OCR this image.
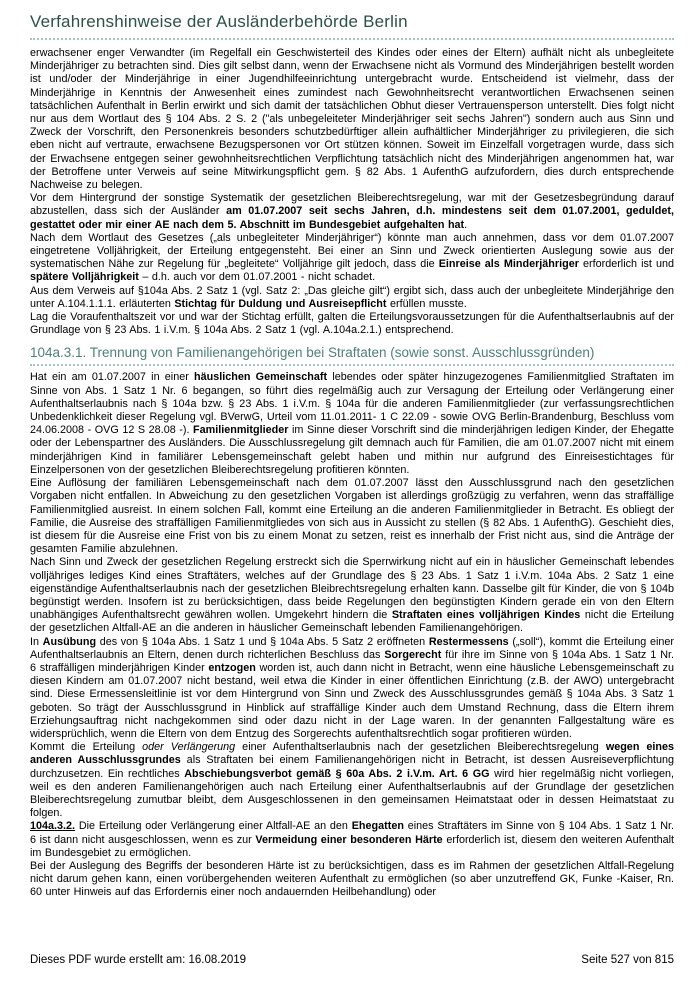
Verfahrenshinweise der Ausländerbehörde Berlin

erwachsener enger Verwandter (im Regelfall ein Geschwisterteil des Kindes oder eines der Eltern) aufhält nicht als unbegleitete Minderjähriger zu betrachten sind. Dies gilt selbst dann, wenn der Erwachsene nicht als Vormund des Minderjährigen bestellt worden ist und/oder der Minderjährige in einer Jugendhilfeeinrichtung untergebracht wurde. Entscheidend ist vielmehr, dass der Minderjährige in Kenntnis der Anwesenheit eines zumindest nach Gewohnheitsrecht verantwortlichen Erwachsenen seinen tatsächlichen Aufenthalt in Berlin erwirkt und sich damit der tatsächlichen Obhut dieser Vertrauensperson unterstellt. Dies folgt nicht nur aus dem Wortlaut des § 104 Abs. 2 S. 2 ("als unbegeleiteter Minderjähriger seit sechs Jahren") sondern auch aus Sinn und Zweck der Vorschrift, den Personenkreis besonders schutzbedürftiger allein aufhältlicher Minderjähriger zu privilegieren, die sich eben nicht auf vertraute, erwachsene Bezugspersonen vor Ort stützen können. Soweit im Einzelfall vorgetragen wurde, dass sich der Erwachsene entgegen seiner gewohnheitsrechtlichen Verpflichtung tatsächlich nicht des Minderjährigen angenommen hat, war der Betroffene unter Verweis auf seine Mitwirkungspflicht gem. § 82 Abs. 1 AufenthG aufzufordern, dies durch entsprechende Nachweise zu belegen.

Vor dem Hintergrund der sonstige Systematik der gesetzlichen Bleiberechtsregelung, war mit der Gesetzesbegründung darauf abzustellen, dass sich der Ausländer am 01.07.2007 seit sechs Jahren, d.h. mindestens seit dem 01.07.2001, geduldet, gestattet oder mir einer AE nach dem 5. Abschnitt im Bundesgebiet aufgehalten hat.

Nach dem Wortlaut des Gesetzes („als unbegleiteter Minderjähriger“) könnte man auch annehmen, dass vor dem 01.07.2007 eingetretene Volljährigkeit, der Erteilung entgegensteht. Bei einer an Sinn und Zweck orientierten Auslegung sowie aus der systematischen Nähe zur Regelung für „begleitete“ Volljährige gilt jedoch, dass die Einreise als Minderjähriger erforderlich ist und spätere Volljährigkeit – d.h. auch vor dem 01.07.2001 - nicht schadet.

Aus dem Verweis auf §104a Abs. 2 Satz 1 (vgl. Satz 2: „Das gleiche gilt“) ergibt sich, dass auch der unbegleitete Minderjährige den unter A.104.1.1.1. erläuterten Stichtag für Duldung und Ausreisepflicht erfüllen musste.

Lag die Voraufenthaltszeit vor und war der Stichtag erfüllt, galten die Erteilungsvoraussetzungen für die Aufenthaltserlaubnis auf der Grundlage von § 23 Abs. 1 i.V.m. § 104a Abs. 2 Satz 1 (vgl. A.104a.2.1.) entsprechend.

104a.3.1. Trennung von Familienangehörigen bei Straftaten (sowie sonst. Ausschlussgründen)

Hat ein am 01.07.2007 in einer häuslichen Gemeinschaft lebendes oder später hinzugezogenes Familienmitglied Straftaten im Sinne von Abs. 1 Satz 1 Nr. 6 begangen, so führt dies regelmäßig auch zur Versagung der Erteilung oder Verlängerung einer Aufenthaltserlaubnis nach § 104a bzw. § 23 Abs. 1 i.V.m. § 104a für die anderen Familienmitglieder (zur verfassungsrechtlichen Unbedenklichkeit dieser Regelung vgl. BVerwG, Urteil vom 11.01.2011- 1 C 22.09 - sowie OVG Berlin-Brandenburg, Beschluss vom 24.06.2008 - OVG 12 S 28.08 -). Familienmitglieder im Sinne dieser Vorschrift sind die minderjährigen ledigen Kinder, der Ehegatte oder der Lebenspartner des Ausländers. Die Ausschlussregelung gilt demnach auch für Familien, die am 01.07.2007 nicht mit einem minderjährigen Kind in familiärer Lebensgemeinschaft gelebt haben und mithin nur aufgrund des Einreisestichtages für Einzelpersonen von der gesetzlichen Bleiberechtsregelung profitieren könnten.

Eine Auflösung der familiären Lebensgemeinschaft nach dem 01.07.2007 lässt den Ausschlussgrund nach den gesetzlichen Vorgaben nicht entfallen. In Abweichung zu den gesetzlichen Vorgaben ist allerdings großzügig zu verfahren, wenn das straffällige Familienmitglied ausreist. In einem solchen Fall, kommt eine Erteilung an die anderen Familienmitglieder in Betracht. Es obliegt der Familie, die Ausreise des straffälligen Familienmitgliedes von sich aus in Aussicht zu stellen (§ 82 Abs. 1 AufenthG). Geschieht dies, ist diesem für die Ausreise eine Frist von bis zu einem Monat zu setzen, reist es innerhalb der Frist nicht aus, sind die Anträge der gesamten Familie abzulehnen.

Nach Sinn und Zweck der gesetzlichen Regelung erstreckt sich die Sperrwirkung nicht auf ein in häuslicher Gemeinschaft lebendes volljähriges lediges Kind eines Straftäters, welches auf der Grundlage des § 23 Abs. 1 Satz 1 i.V.m. 104a Abs. 2 Satz 1 eine eigenständige Aufenthaltserlaubnis nach der gesetzlichen Bleibrechtsregelung erhalten kann. Dasselbe gilt für Kinder, die von § 104b begünstigt werden. Insofern ist zu berücksichtigen, dass beide Regelungen den begünstigten Kindern gerade ein von den Eltern unabhängiges Aufenthaltsrecht gewähren wollen. Umgekehrt hindern die Straftaten eines volljährigen Kindes nicht die Erteilung der gesetzlichen Altfall-AE an die anderen in häuslicher Gemeinschaft lebenden Familienangehörigen.

In Ausübung des von § 104a Abs. 1 Satz 1 und § 104a Abs. 5 Satz 2 eröffneten Restermessens („soll“), kommt die Erteilung einer Aufenthaltserlaubnis an Eltern, denen durch richterlichen Beschluss das Sorgerecht für ihre im Sinne von § 104a Abs. 1 Satz 1 Nr. 6 straffälligen minderjährigen Kinder entzogen worden ist, auch dann nicht in Betracht, wenn eine häusliche Lebensgemeinschaft zu diesen Kindern am 01.07.2007 nicht bestand, weil etwa die Kinder in einer öffentlichen Einrichtung (z.B. der AWO) untergebracht sind. Diese Ermessensleitlinie ist vor dem Hintergrund von Sinn und Zweck des Ausschlussgrundes gemäß § 104a Abs. 3 Satz 1 geboten. So trägt der Ausschlussgrund in Hinblick auf straffällige Kinder auch dem Umstand Rechnung, dass die Eltern ihrem Erziehungsauftrag nicht nachgekommen sind oder dazu nicht in der Lage waren. In der genannten Fallgestaltung wäre es widersprüchlich, wenn die Eltern von dem Entzug des Sorgerechts aufenthaltsrechtlich sogar profitieren würden.

Kommt die Erteilung oder Verlängerung einer Aufenthaltserlaubnis nach der gesetzlichen Bleiberechtsregelung wegen eines anderen Ausschlussgrundes als Straftaten bei einem Familienangehörigen nicht in Betracht, ist dessen Ausreiseverpflichtung durchzusetzen. Ein rechtliches Abschiebungsverbot gemäß § 60a Abs. 2 i.V.m. Art. 6 GG wird hier regelmäßig nicht vorliegen, weil es den anderen Familienangehörigen auch nach Erteilung einer Aufenthaltserlaubnis auf der Grundlage der gesetzlichen Bleiberechtsregelung zumutbar bleibt, dem Ausgeschlossenen in den gemeinsamen Heimatstaat oder in dessen Heimatstaat zu folgen.

104a.3.2. Die Erteilung oder Verlängerung einer Altfall-AE an den Ehegatten eines Straftäters im Sinne von § 104 Abs. 1 Satz 1 Nr. 6 ist dann nicht ausgeschlossen, wenn es zur Vermeidung einer besonderen Härte erforderlich ist, diesem den weiteren Aufenthalt im Bundesgebiet zu ermöglichen.

Bei der Auslegung des Begriffs der besonderen Härte ist zu berücksichtigen, dass es im Rahmen der gesetzlichen Altfall-Regelung nicht darum gehen kann, einen vorübergehenden weiteren Aufenthalt zu ermöglichen (so aber unzutreffend GK, Funke -Kaiser, Rn. 60 unter Hinweis auf das Erfordernis einer noch andauernden Heilbehandlung) oder

Dieses PDF wurde erstellt am: 16.08.2019	Seite 527 von 815
